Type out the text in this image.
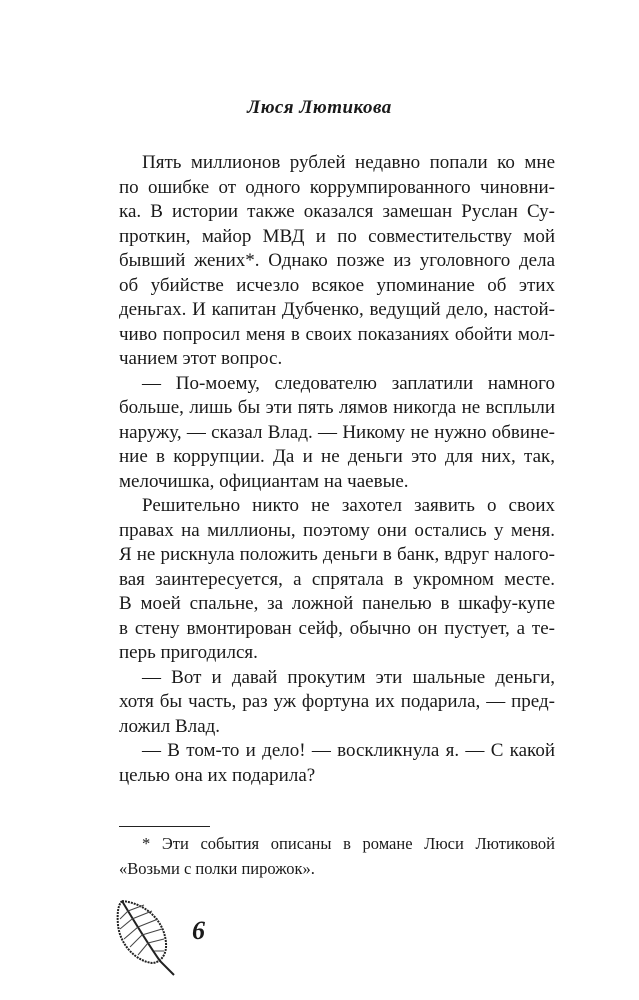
Люся Лютикова
Пять миллионов рублей недавно попали ко мне
по ошибке от одного коррумпированного чиновни-
ка. В истории также оказался замешан Руслан Су-
проткин, майор МВД и по совместительству мой
бывший жених*. Однако позже из уголовного дела
об убийстве исчезло всякое упоминание об этих
деньгах. И капитан Дубченко, ведущий дело, настой-
чиво попросил меня в своих показаниях обойти мол-
чанием этот вопрос.
— По-моему, следователю заплатили намного
больше, лишь бы эти пять лямов никогда не всплыли
наружу, — сказал Влад. — Никому не нужно обвине-
ние в коррупции. Да и не деньги это для них, так,
мелочишка, официантам на чаевые.
Решительно никто не захотел заявить о своих
правах на миллионы, поэтому они остались у меня.
Я не рискнула положить деньги в банк, вдруг налого-
вая заинтересуется, а спрятала в укромном месте.
В моей спальне, за ложной панелью в шкафу-купе
в стену вмонтирован сейф, обычно он пустует, а те-
перь пригодился.
— Вот и давай прокутим эти шальные деньги,
хотя бы часть, раз уж фортуна их подарила, — пред-
ложил Влад.
— В том-то и дело! — воскликнула я. — С какой
целью она их подарила?
* Эти события описаны в романе Люси Лютиковой
«Возьми с полки пирожок».
6
